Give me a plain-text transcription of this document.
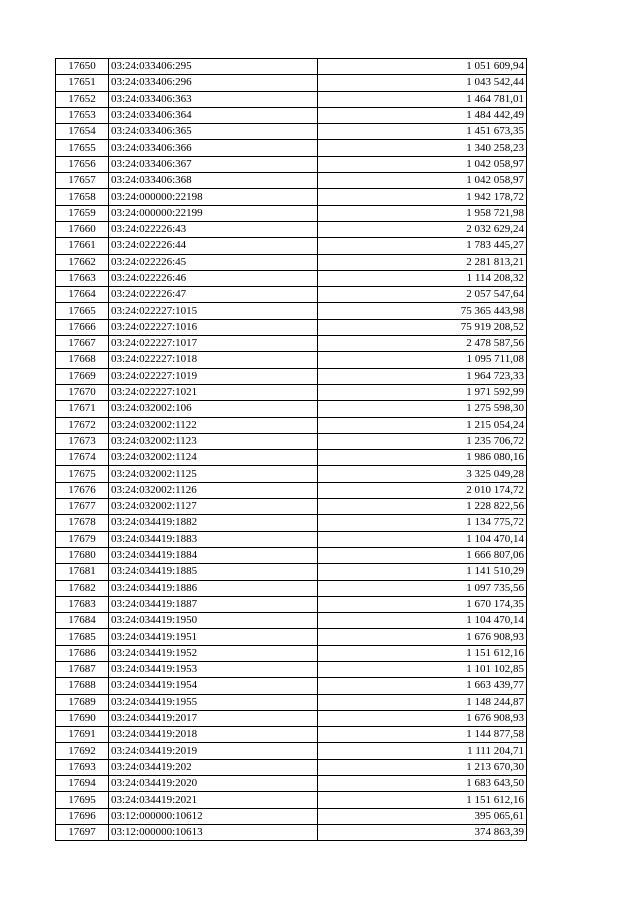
17650	03:24:033406:295	1 051 609,94
17651	03:24:033406:296	1 043 542,44
17652	03:24:033406:363	1 464 781,01
17653	03:24:033406:364	1 484 442,49
17654	03:24:033406:365	1 451 673,35
17655	03:24:033406:366	1 340 258,23
17656	03:24:033406:367	1 042 058,97
17657	03:24:033406:368	1 042 058,97
17658	03:24:000000:22198	1 942 178,72
17659	03:24:000000:22199	1 958 721,98
17660	03:24:022226:43	2 032 629,24
17661	03:24:022226:44	1 783 445,27
17662	03:24:022226:45	2 281 813,21
17663	03:24:022226:46	1 114 208,32
17664	03:24:022226:47	2 057 547,64
17665	03:24:022227:1015	75 365 443,98
17666	03:24:022227:1016	75 919 208,52
17667	03:24:022227:1017	2 478 587,56
17668	03:24:022227:1018	1 095 711,08
17669	03:24:022227:1019	1 964 723,33
17670	03:24:022227:1021	1 971 592,99
17671	03:24:032002:106	1 275 598,30
17672	03:24:032002:1122	1 215 054,24
17673	03:24:032002:1123	1 235 706,72
17674	03:24:032002:1124	1 986 080,16
17675	03:24:032002:1125	3 325 049,28
17676	03:24:032002:1126	2 010 174,72
17677	03:24:032002:1127	1 228 822,56
17678	03:24:034419:1882	1 134 775,72
17679	03:24:034419:1883	1 104 470,14
17680	03:24:034419:1884	1 666 807,06
17681	03:24:034419:1885	1 141 510,29
17682	03:24:034419:1886	1 097 735,56
17683	03:24:034419:1887	1 670 174,35
17684	03:24:034419:1950	1 104 470,14
17685	03:24:034419:1951	1 676 908,93
17686	03:24:034419:1952	1 151 612,16
17687	03:24:034419:1953	1 101 102,85
17688	03:24:034419:1954	1 663 439,77
17689	03:24:034419:1955	1 148 244,87
17690	03:24:034419:2017	1 676 908,93
17691	03:24:034419:2018	1 144 877,58
17692	03:24:034419:2019	1 111 204,71
17693	03:24:034419:202	1 213 670,30
17694	03:24:034419:2020	1 683 643,50
17695	03:24:034419:2021	1 151 612,16
17696	03:12:000000:10612	395 065,61
17697	03:12:000000:10613	374 863,39
